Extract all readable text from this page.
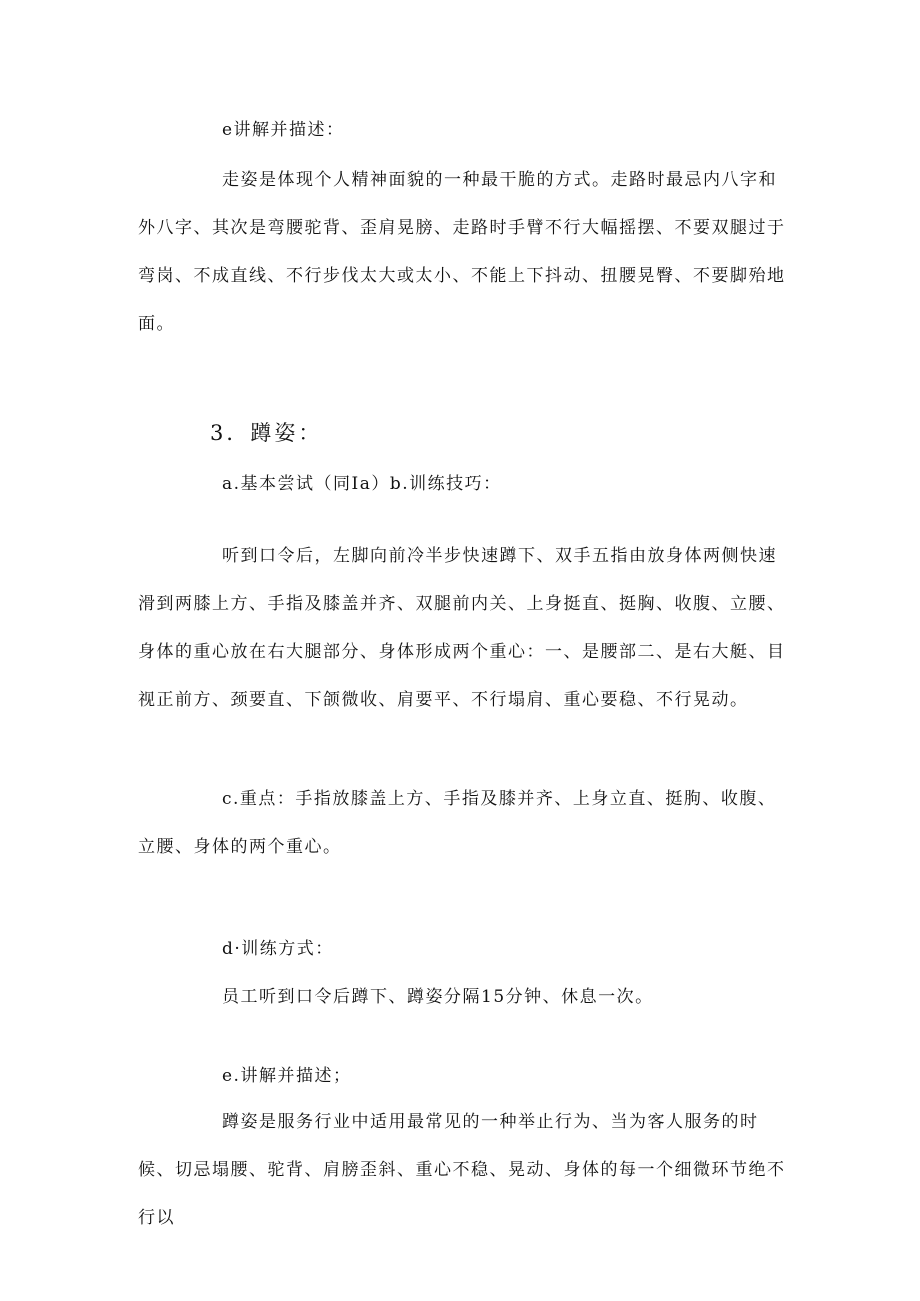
e讲解并描述：

走姿是体现个人精神面貌的一种最干脆的方式。走路时最忌内八字和外八字、其次是弯腰驼背、歪肩晃膀、走路时手臂不行大幅摇摆、不要双腿过于弯岗、不成直线、不行步伐太大或太小、不能上下抖动、扭腰晃臀、不要脚殆地面。

3．蹲姿：

a.基本尝试（同Ia）b.训练技巧：

听到口令后，左脚向前冷半步快速蹲下、双手五指由放身体两侧快速滑到两膝上方、手指及膝盖并齐、双腿前内关、上身挺直、挺胸、收腹、立腰、身体的重心放在右大腿部分、身体形成两个重心：一、是腰部二、是右大艇、目视正前方、颈要直、下颌微收、肩要平、不行塌肩、重心要稳、不行晃动。

c.重点：手指放膝盖上方、手指及膝并齐、上身立直、挺朐、收腹、立腰、身体的两个重心。

d·训练方式：

员工听到口令后蹲下、蹲姿分隔15分钟、休息一次。

e.讲解并描述；

蹲姿是服务行业中适用最常见的一种举止行为、当为客人服务的时候、切忌塌腰、驼背、肩膀歪斜、重心不稳、晃动、身体的每一个细微环节绝不行以
